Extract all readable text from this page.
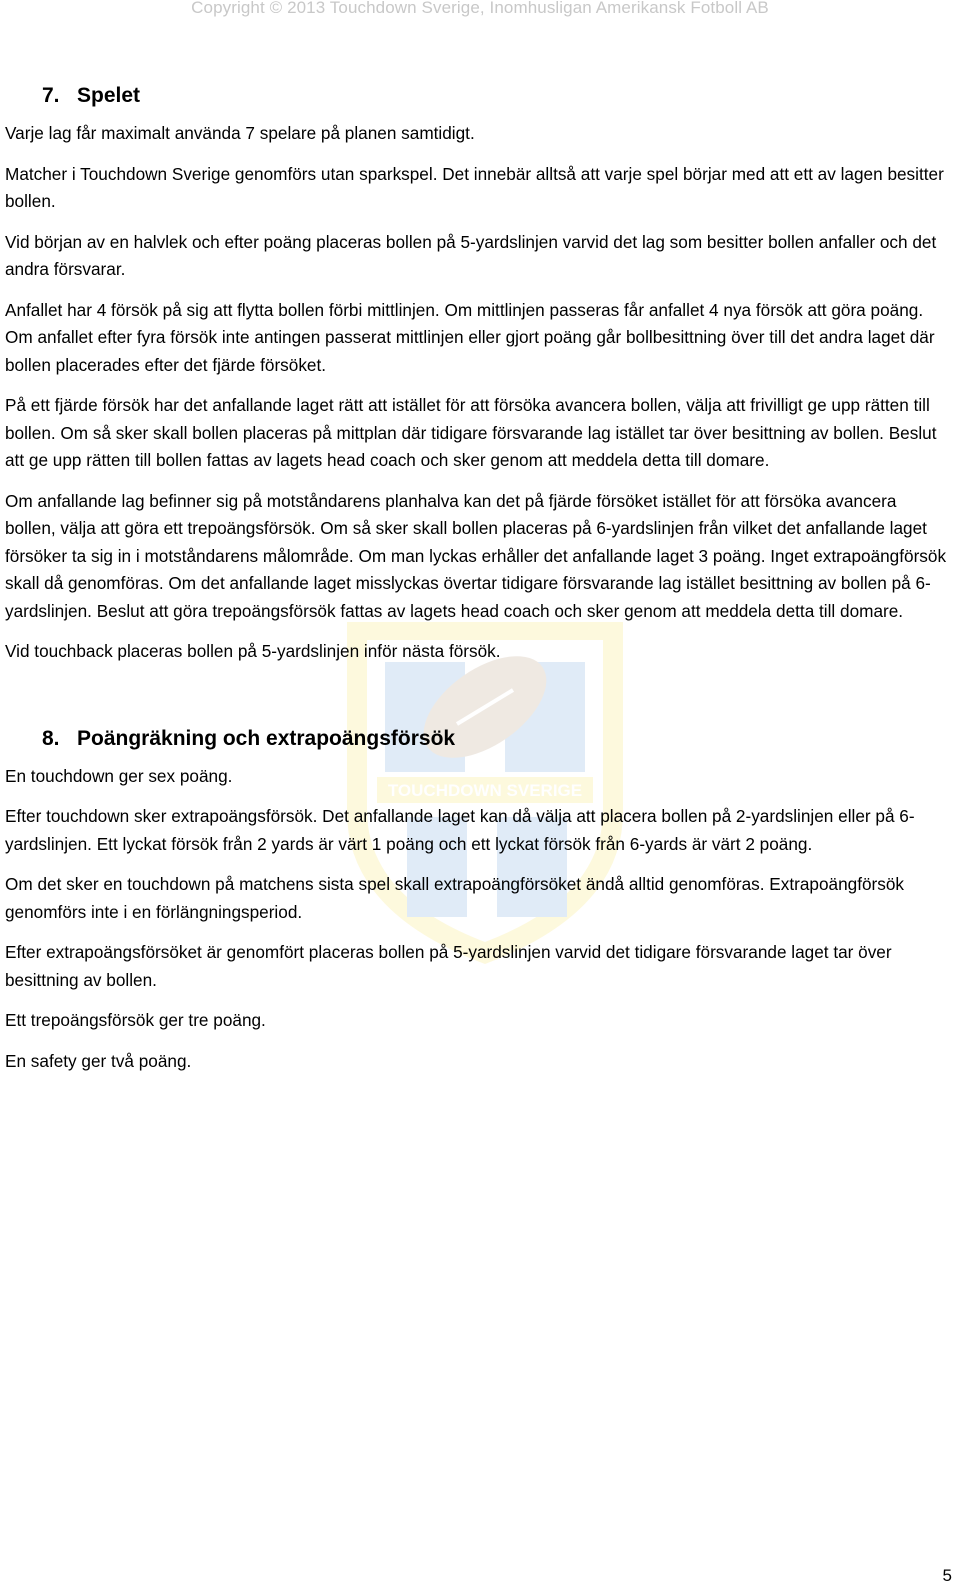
Copyright © 2013 Touchdown Sverige, Inomhusligan Amerikansk Fotboll AB
TOUCHDOWN SVERIGE
7. Spelet

Varje lag får maximalt använda 7 spelare på planen samtidigt.

Matcher i Touchdown Sverige genomförs utan sparkspel. Det innebär alltså att varje spel börjar med att ett av lagen besitter bollen.

Vid början av en halvlek och efter poäng placeras bollen på 5-yardslinjen varvid det lag som besitter bollen anfaller och det andra försvarar.

Anfallet har 4 försök på sig att flytta bollen förbi mittlinjen. Om mittlinjen passeras får anfallet 4 nya försök att göra poäng. Om anfallet efter fyra försök inte antingen passerat mittlinjen eller gjort poäng går bollbesittning över till det andra laget där bollen placerades efter det fjärde försöket.

På ett fjärde försök har det anfallande laget rätt att istället för att försöka avancera bollen, välja att frivilligt ge upp rätten till bollen. Om så sker skall bollen placeras på mittplan där tidigare försvarande lag istället tar över besittning av bollen. Beslut att ge upp rätten till bollen fattas av lagets head coach och sker genom att meddela detta till domare.

Om anfallande lag befinner sig på motståndarens planhalva kan det på fjärde försöket istället för att försöka avancera bollen, välja att göra ett trepoängsförsök. Om så sker skall bollen placeras på 6-yardslinjen från vilket det anfallande laget försöker ta sig in i motståndarens målområde. Om man lyckas erhåller det anfallande laget 3 poäng. Inget extrapoängförsök skall då genomföras. Om det anfallande laget misslyckas övertar tidigare försvarande lag istället besittning av bollen på 6-yardslinjen. Beslut att göra trepoängsförsök fattas av lagets head coach och sker genom att meddela detta till domare.

Vid touchback placeras bollen på 5-yardslinjen inför nästa försök.

8. Poängräkning och extrapoängsförsök

En touchdown ger sex poäng.

Efter touchdown sker extrapoängsförsök. Det anfallande laget kan då välja att placera bollen på 2-yardslinjen eller på 6-yardslinjen. Ett lyckat försök från 2 yards är värt 1 poäng och ett lyckat försök från 6-yards är värt 2 poäng.

Om det sker en touchdown på matchens sista spel skall extrapoängförsöket ändå alltid genomföras. Extrapoängförsök genomförs inte i en förlängningsperiod.

Efter extrapoängsförsöket är genomfört placeras bollen på 5-yardslinjen varvid det tidigare försvarande laget tar över besittning av bollen.

Ett trepoängsförsök ger tre poäng.

En safety ger två poäng.

5
